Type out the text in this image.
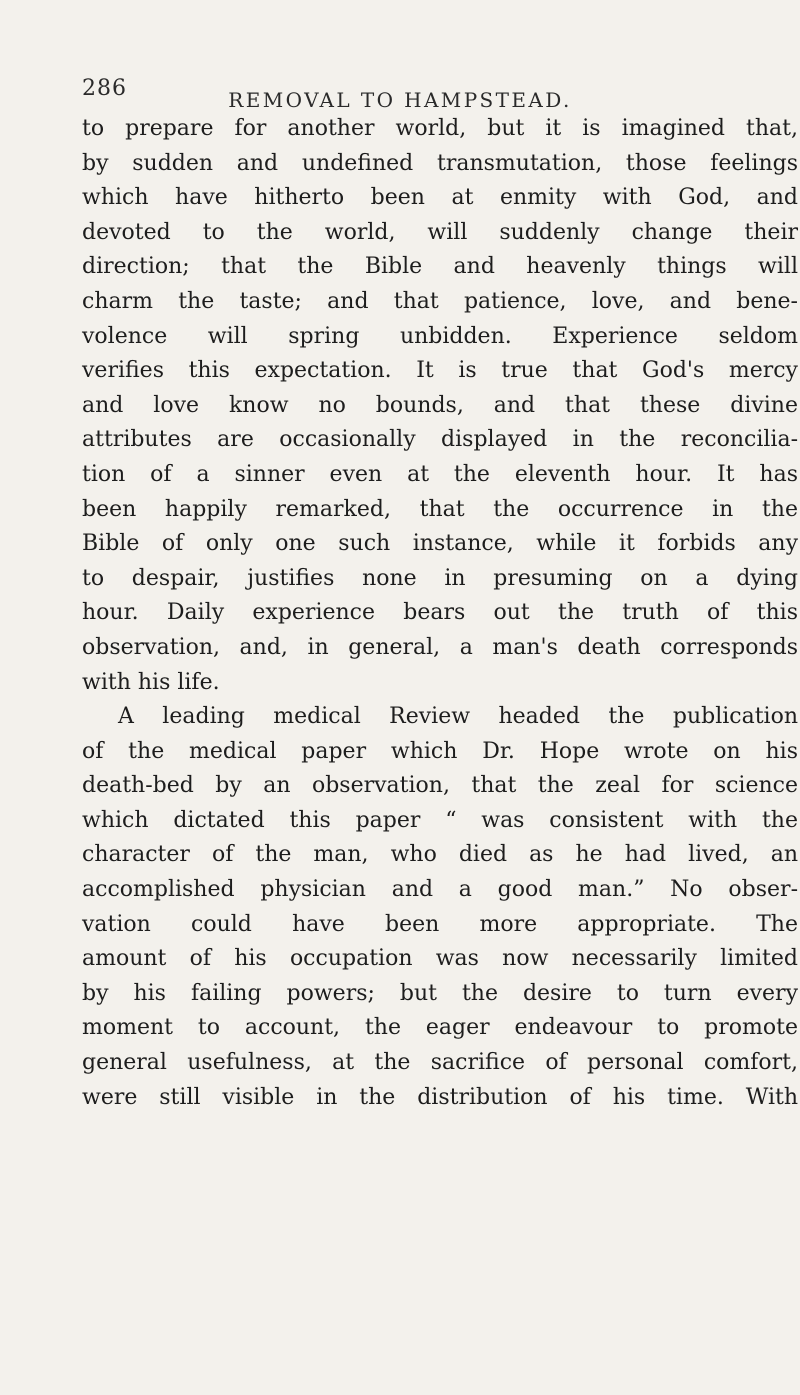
286	REMOVAL TO HAMPSTEAD.
to prepare for another world, but it is imagined that,
by sudden and undefined transmutation, those feelings
which have hitherto been at enmity with God, and
devoted to the world, will suddenly change their
direction; that the Bible and heavenly things will
charm the taste; and that patience, love, and bene-
volence will spring unbidden. Experience seldom
verifies this expectation. It is true that God's mercy
and love know no bounds, and that these divine
attributes are occasionally displayed in the reconcilia-
tion of a sinner even at the eleventh hour. It has
been happily remarked, that the occurrence in the
Bible of only one such instance, while it forbids any
to despair, justifies none in presuming on a dying
hour. Daily experience bears out the truth of this
observation, and, in general, a man's death corresponds
with his life.
A leading medical Review headed the publication
of the medical paper which Dr. Hope wrote on his
death-bed by an observation, that the zeal for science
which dictated this paper “ was consistent with the
character of the man, who died as he had lived, an
accomplished physician and a good man.” No obser-
vation could have been more appropriate. The
amount of his occupation was now necessarily limited
by his failing powers; but the desire to turn every
moment to account, the eager endeavour to promote
general usefulness, at the sacrifice of personal comfort,
were still visible in the distribution of his time. With
